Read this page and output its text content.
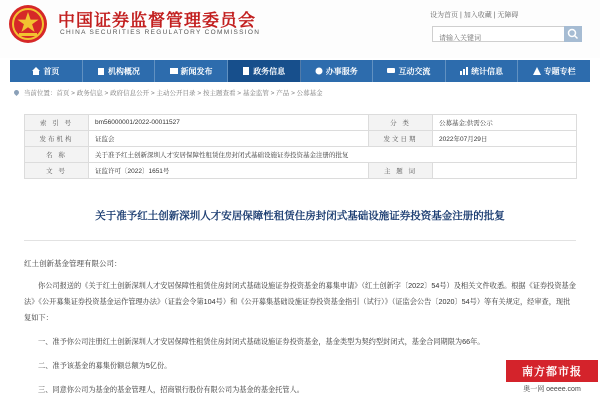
中国证券监督管理委员会
CHINA SECURITIES REGULATORY COMMISSION
设为首页 | 加入收藏 | 无障碍
请输入关键词
首页	机构概况	新闻发布	政务信息	办事服务	互动交流	统计信息	专题专栏
当前位置：首页 > 政务信息 > 政府信息公开 > 主动公开目录 > 按主题查看 > 基金监管 > 产品 > 公募基金
索 引 号	bm56000001/2022-00011527	分 类	公募基金;供需公示
发布机构	证监会	发文日期	2022年07月29日
名 称	关于准予红土创新深圳人才安居保障性租赁住房封闭式基础设施证券投资基金注册的批复		
文 号	证监许可〔2022〕1651号	主 题 词	
关于准予红土创新深圳人才安居保障性租赁住房封闭式基础设施证券投资基金注册的批复
红土创新基金管理有限公司：

你公司报送的《关于红土创新深圳人才安居保障性租赁住房封闭式基础设施证券投资基金的募集申请》（红土创新字〔2022〕54号）及相关文件收悉。根据《证券投资基金法》《公开募集证券投资基金运作管理办法》（证监会令第104号）和《公开募集基础设施证券投资基金指引（试行）》（证监会公告〔2020〕54号）等有关规定，经审查，现批复如下：

一、准予你公司注册红土创新深圳人才安居保障性租赁住房封闭式基础设施证券投资基金，基金类型为契约型封闭式，基金合同期限为66年。

二、准予该基金的募集份额总额为5亿份。

三、同意你公司为基金的基金管理人，招商银行股份有限公司为基金的基金托管人。

南方都市报
奥一网 oeeee.com
